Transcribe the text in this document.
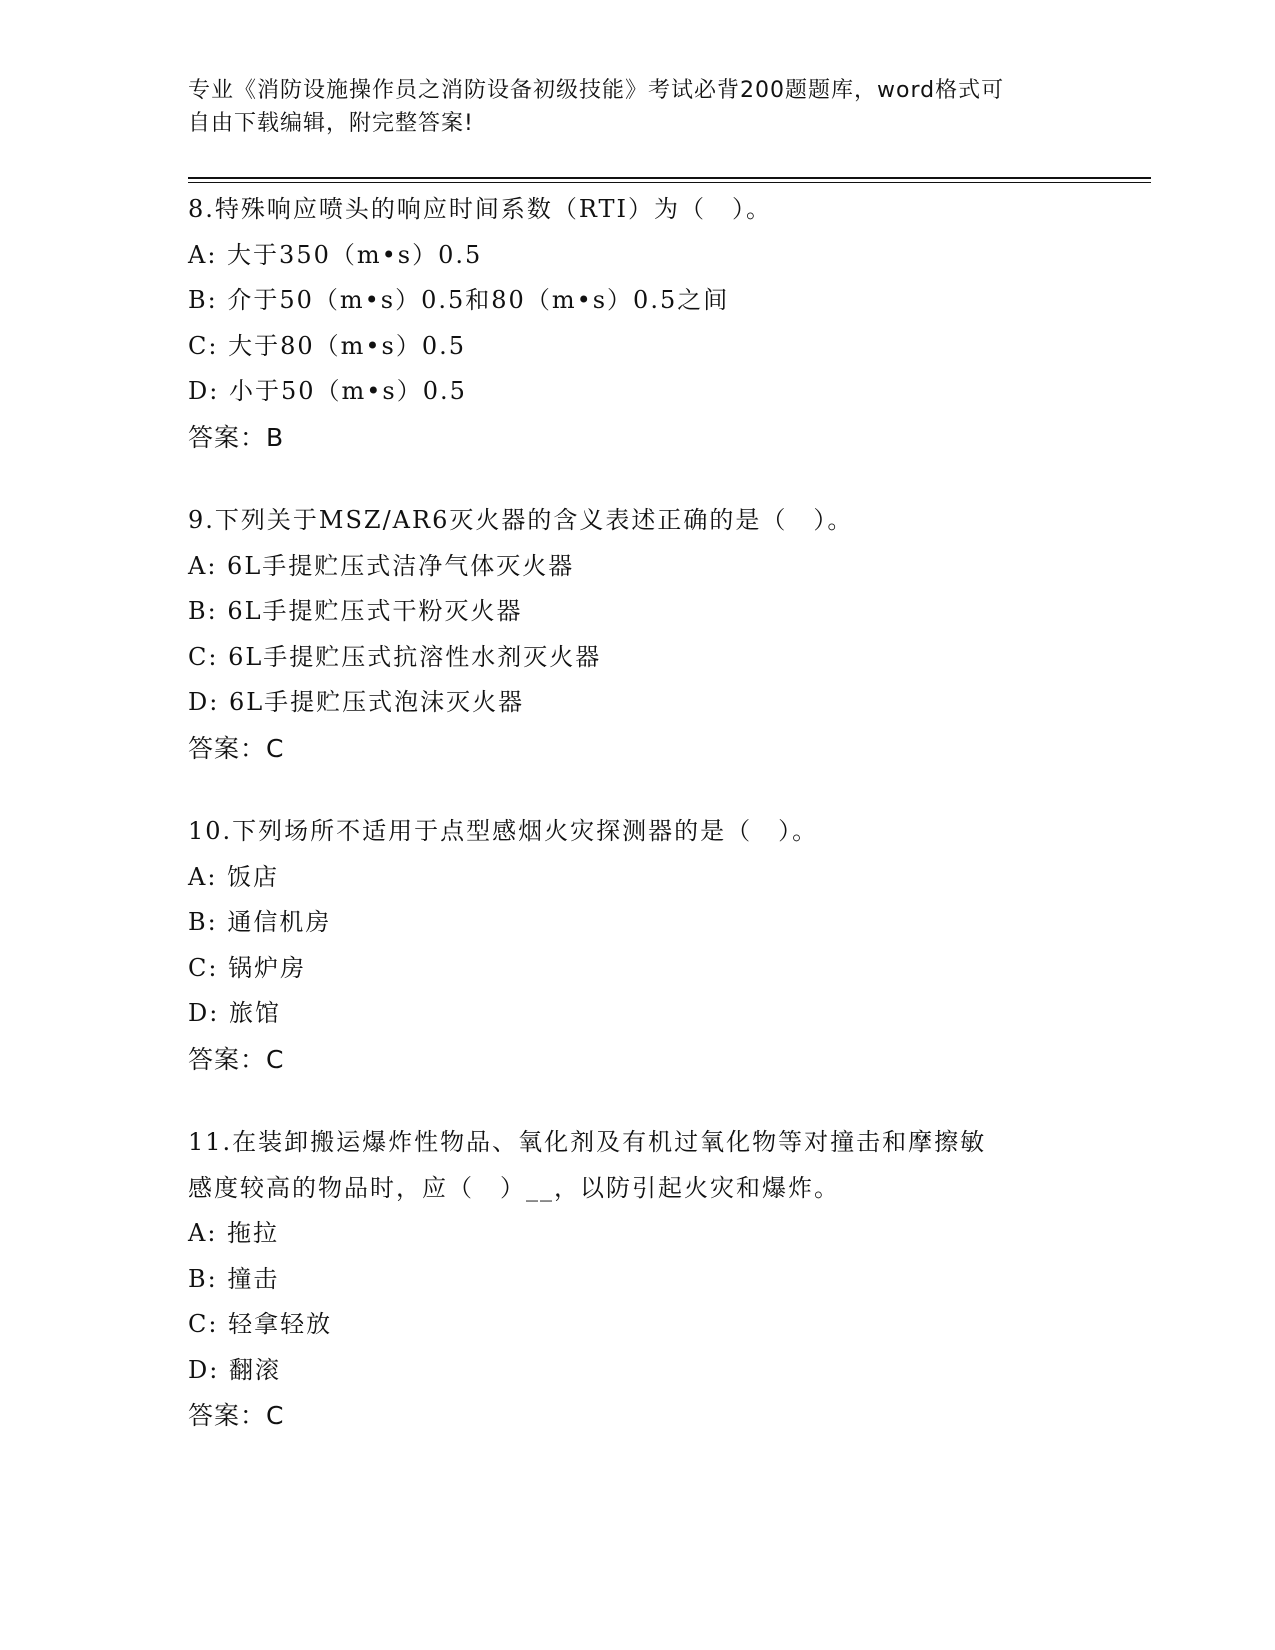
专业《消防设施操作员之消防设备初级技能》考试必背200题题库，word格式可
自由下载编辑，附完整答案!
8.特殊响应喷头的响应时间系数（RTI）为（　）。
A: 大于350（m•s）0.5
B: 介于50（m•s）0.5和80（m•s）0.5之间
C: 大于80（m•s）0.5
D: 小于50（m•s）0.5
答案：B
9.下列关于MSZ/AR6灭火器的含义表述正确的是（　）。
A: 6L手提贮压式洁净气体灭火器
B: 6L手提贮压式干粉灭火器
C: 6L手提贮压式抗溶性水剂灭火器
D: 6L手提贮压式泡沫灭火器
答案：C
10.下列场所不适用于点型感烟火灾探测器的是（　）。
A: 饭店
B: 通信机房
C: 锅炉房
D: 旅馆
答案：C
11.在装卸搬运爆炸性物品、氧化剂及有机过氧化物等对撞击和摩擦敏
感度较高的物品时，应（　）__，以防引起火灾和爆炸。
A: 拖拉
B: 撞击
C: 轻拿轻放
D: 翻滚
答案：C
